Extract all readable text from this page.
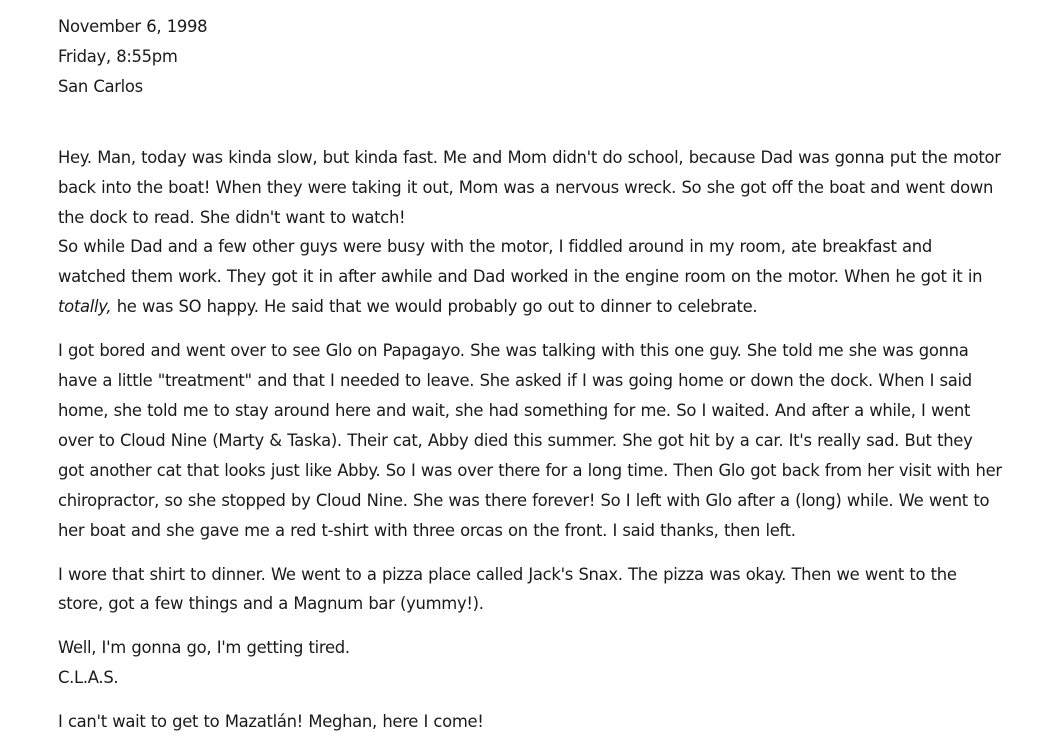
November 6, 1998
Friday, 8:55pm
San Carlos
Hey. Man, today was kinda slow, but kinda fast. Me and Mom didn't do school, because Dad was gonna put the motor back into the boat! When they were taking it out, Mom was a nervous wreck. So she got off the boat and went down the dock to read. She didn't want to watch!
So while Dad and a few other guys were busy with the motor, I fiddled around in my room, ate breakfast and watched them work. They got it in after awhile and Dad worked in the engine room on the motor. When he got it in totally, he was SO happy. He said that we would probably go out to dinner to celebrate.
I got bored and went over to see Glo on Papagayo. She was talking with this one guy. She told me she was gonna have a little "treatment" and that I needed to leave. She asked if I was going home or down the dock. When I said home, she told me to stay around here and wait, she had something for me. So I waited. And after a while, I went over to Cloud Nine (Marty & Taska). Their cat, Abby died this summer. She got hit by a car. It's really sad. But they got another cat that looks just like Abby. So I was over there for a long time. Then Glo got back from her visit with her chiropractor, so she stopped by Cloud Nine. She was there forever! So I left with Glo after a (long) while. We went to her boat and she gave me a red t-shirt with three orcas on the front. I said thanks, then left.
I wore that shirt to dinner. We went to a pizza place called Jack's Snax. The pizza was okay. Then we went to the store, got a few things and a Magnum bar (yummy!).
Well, I'm gonna go, I'm getting tired.
C.L.A.S.
I can't wait to get to Mazatlán! Meghan, here I come!
